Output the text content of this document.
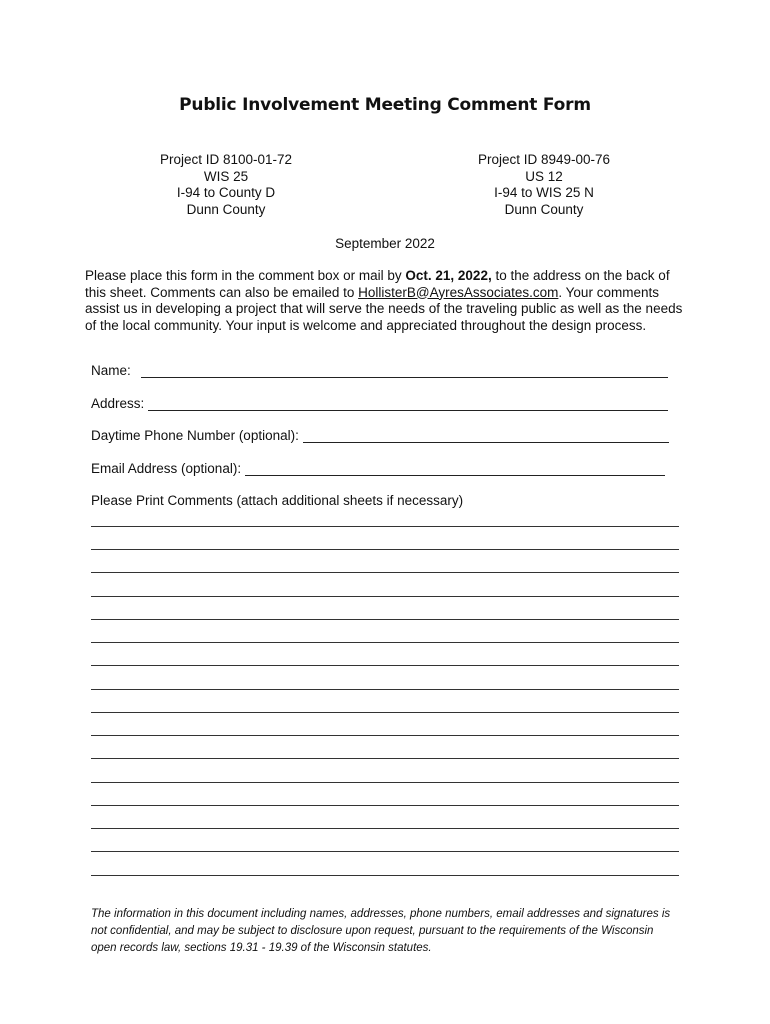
Public Involvement Meeting Comment Form
Project ID 8100-01-72
WIS 25
I-94 to County D
Dunn County
Project ID 8949-00-76
US 12
I-94 to WIS 25 N
Dunn County
September 2022
Please place this form in the comment box or mail by Oct. 21, 2022, to the address on the back of this sheet. Comments can also be emailed to HollisterB@AyresAssociates.com. Your comments assist us in developing a project that will serve the needs of the traveling public as well as the needs of the local community. Your input is welcome and appreciated throughout the design process.
Name:
Address:
Daytime Phone Number (optional):
Email Address (optional):
Please Print Comments (attach additional sheets if necessary)
The information in this document including names, addresses, phone numbers, email addresses and signatures is not confidential, and may be subject to disclosure upon request, pursuant to the requirements of the Wisconsin open records law, sections 19.31 - 19.39 of the Wisconsin statutes.
